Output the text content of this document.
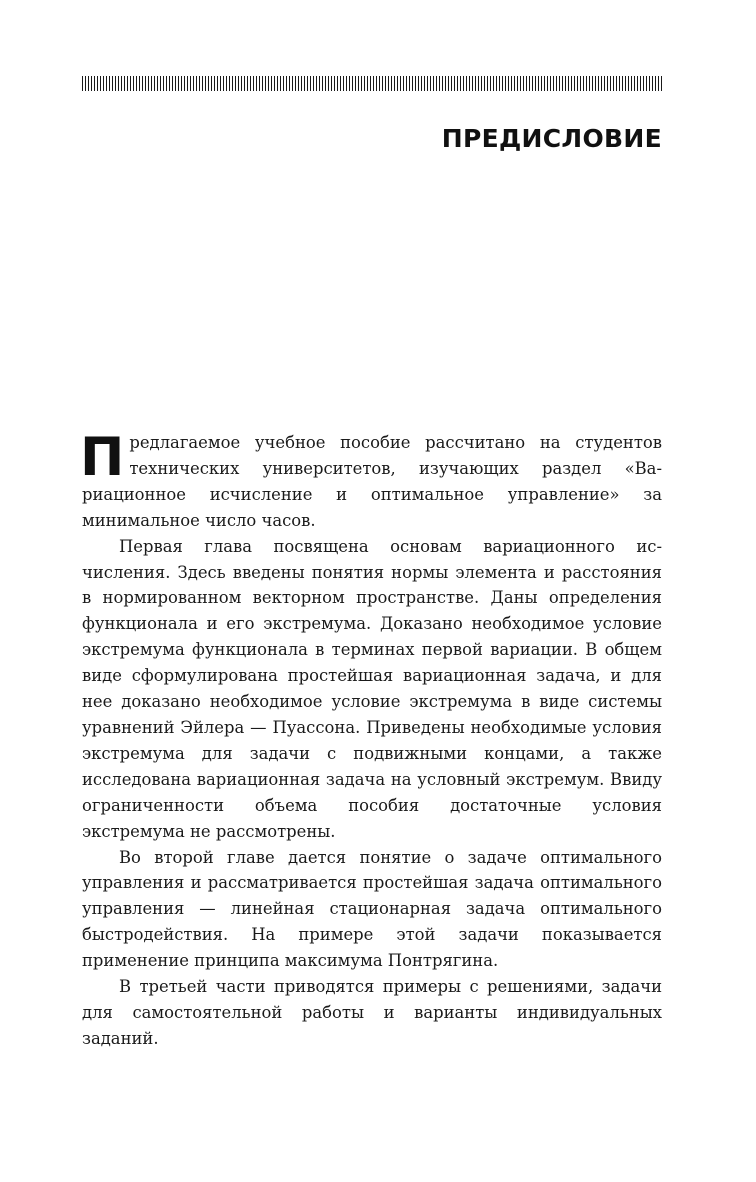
ПРЕДИСЛОВИЕ

Предлагаемое учебное пособие рассчитано на студентов технических университетов, изучающих раздел «Вариационное исчисление и оптимальное управление» за минимальное число часов.

Первая глава посвящена основам вариационного исчисления. Здесь введены понятия нормы элемента и расстояния в нормированном векторном пространстве. Даны определения функционала и его экстремума. Доказано необходимое условие экстремума функционала в терминах первой вариации. В общем виде сформулирована простейшая вариационная задача, и для нее доказано необходимое условие экстремума в виде системы уравнений Эйлера — Пуассона. Приведены необходимые условия экстремума для задачи с подвижными концами, а также исследована вариационная задача на условный экстремум. Ввиду ограниченности объема пособия достаточные условия экстремума не рассмотрены.

Во второй главе дается понятие о задаче оптимального управления и рассматривается простейшая задача оптимального управления — линейная стационарная задача оптимального быстродействия. На примере этой задачи показывается применение принципа максимума Понтрягина.

В третьей части приводятся примеры с решениями, задачи для самостоятельной работы и варианты индивидуальных заданий.
